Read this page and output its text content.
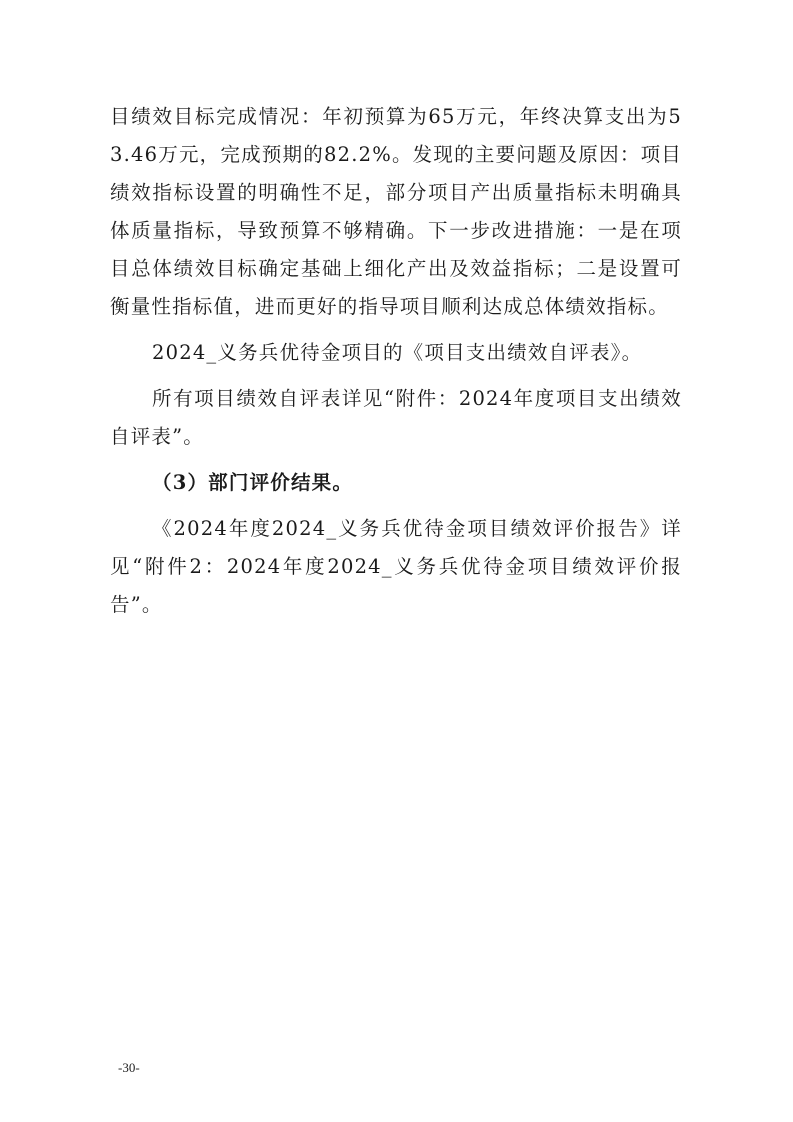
目绩效目标完成情况：年初预算为65万元，年终决算支出为53.46万元，完成预期的82.2%。发现的主要问题及原因：项目绩效指标设置的明确性不足，部分项目产出质量指标未明确具体质量指标，导致预算不够精确。下一步改进措施：一是在项目总体绩效目标确定基础上细化产出及效益指标；二是设置可衡量性指标值，进而更好的指导项目顺利达成总体绩效指标。

2024_义务兵优待金项目的《项目支出绩效自评表》。

所有项目绩效自评表详见“附件：2024年度项目支出绩效自评表”。

（3）部门评价结果。

《2024年度2024_义务兵优待金项目绩效评价报告》详见“附件2：2024年度2024_义务兵优待金项目绩效评价报告”。

-30-
